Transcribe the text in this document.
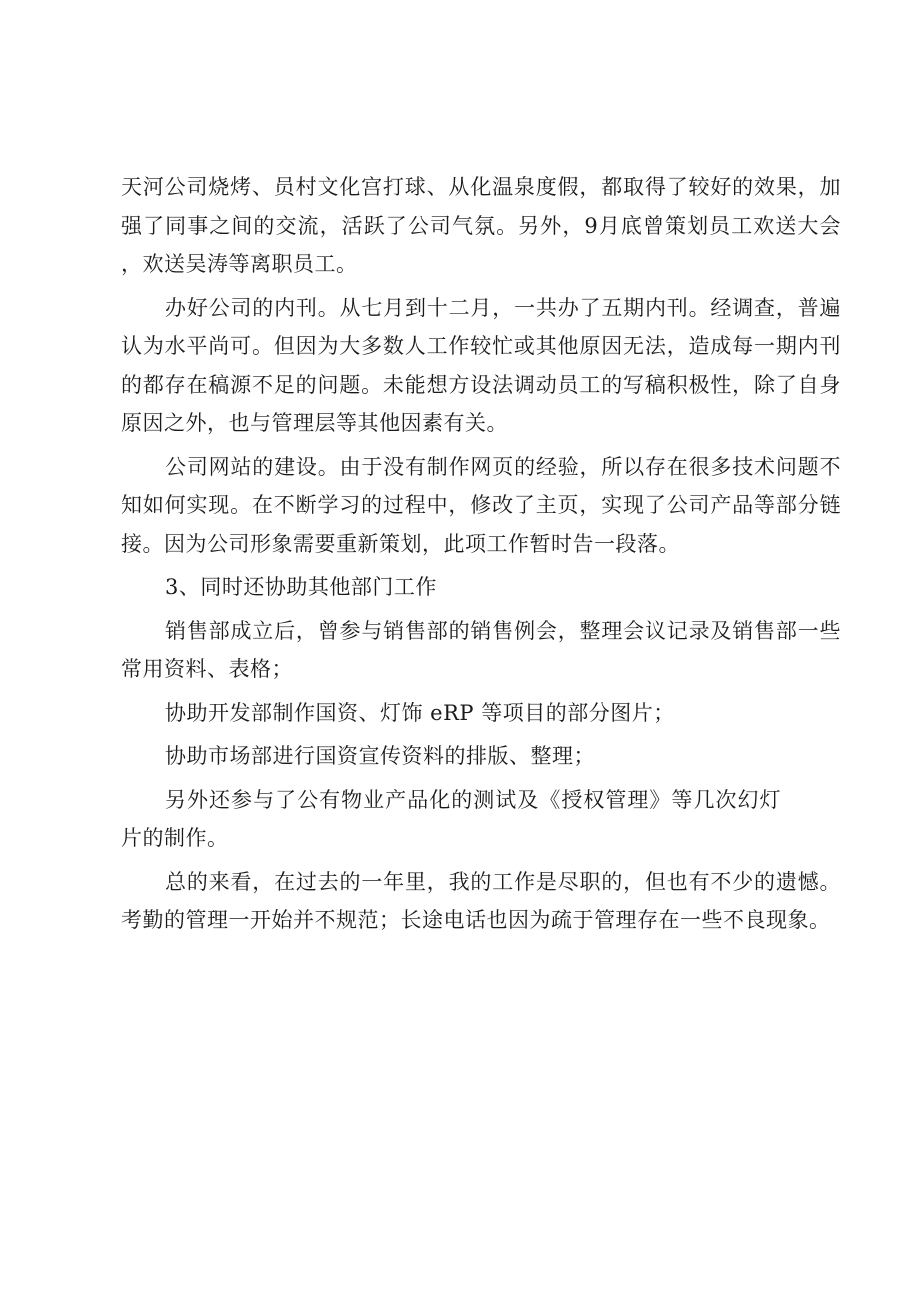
天河公司烧烤、员村文化宫打球、从化温泉度假，都取得了较好的效果，加强了同事之间的交流，活跃了公司气氛。另外，9月底曾策划员工欢送大会，欢送吴涛等离职员工。

办好公司的内刊。从七月到十二月，一共办了五期内刊。经调查，普遍认为水平尚可。但因为大多数人工作较忙或其他原因无法，造成每一期内刊的都存在稿源不足的问题。未能想方设法调动员工的写稿积极性，除了自身原因之外，也与管理层等其他因素有关。

公司网站的建设。由于没有制作网页的经验，所以存在很多技术问题不知如何实现。在不断学习的过程中，修改了主页，实现了公司产品等部分链接。因为公司形象需要重新策划，此项工作暂时告一段落。

3、同时还协助其他部门工作

销售部成立后，曾参与销售部的销售例会，整理会议记录及销售部一些常用资料、表格；

协助开发部制作国资、灯饰 eRP 等项目的部分图片；

协助市场部进行国资宣传资料的排版、整理；

另外还参与了公有物业产品化的测试及《授权管理》等几次幻灯片的制作。

总的来看，在过去的一年里，我的工作是尽职的，但也有不少的遗憾。考勤的管理一开始并不规范；长途电话也因为疏于管理存在一些不良现象。
